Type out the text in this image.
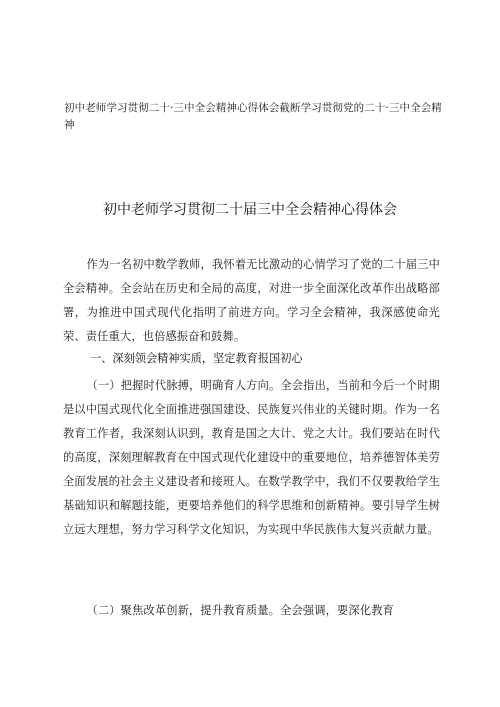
初中老师学习贯彻二十·三中全会精神心得体会截断学习贯彻党的二十·三中全会精神
初中老师学习贯彻二十届三中全会精神心得体会

作为一名初中数学教师，我怀着无比激动的心情学习了党的二十届三中全会精神。全会站在历史和全局的高度，对进一步全面深化改革作出战略部署，为推进中国式现代化指明了前进方向。学习全会精神，我深感使命光荣、责任重大，也倍感振奋和鼓舞。

一、深刻领会精神实质，坚定教育报国初心

（一）把握时代脉搏，明确育人方向。全会指出，当前和今后一个时期是以中国式现代化全面推进强国建设、民族复兴伟业的关键时期。作为一名教育工作者，我深刻认识到，教育是国之大计、党之大计。我们要站在时代的高度，深刻理解教育在中国式现代化建设中的重要地位，培养德智体美劳全面发展的社会主义建设者和接班人。在数学教学中，我们不仅要教给学生基础知识和解题技能，更要培养他们的科学思维和创新精神。要引导学生树立远大理想，努力学习科学文化知识，为实现中华民族伟大复兴贡献力量。

（二）聚焦改革创新，提升教育质量。全会强调，要深化教育
